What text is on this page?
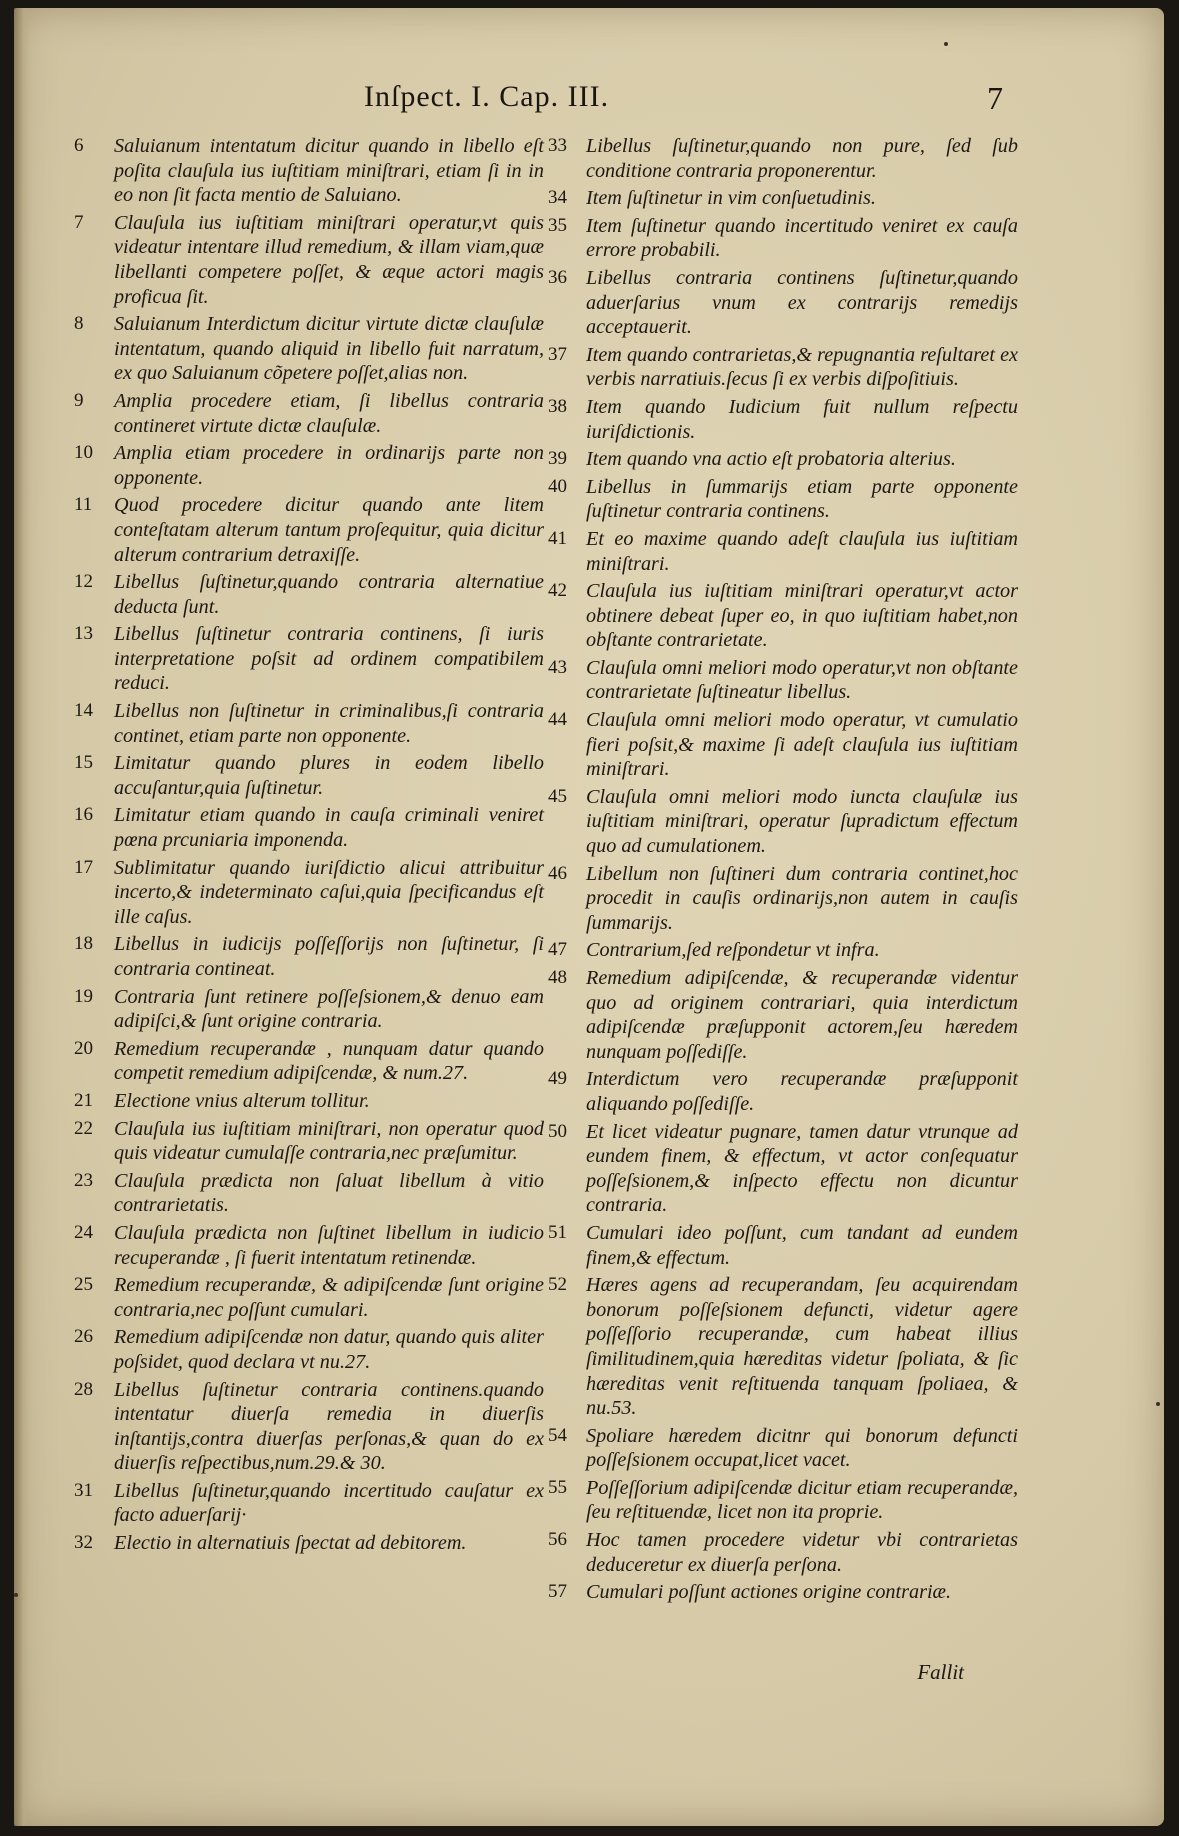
Inſpect. I. Cap. III.	7
6	Saluianum intentatum dicitur quando in libello eſt poſita clauſula ius iuſtitiam miniſtrari, etiam ſi in in eo non ſit facta mentio de Saluiano.
7	Clauſula ius iuſtitiam miniſtrari operatur,vt quis videatur intentare illud remedium, & illam viam,quæ libellanti competere poſſet, & æque actori magis proficua ſit.
8	Saluianum Interdictum dicitur virtute dictæ clauſulæ intentatum, quando aliquid in libello fuit narratum, ex quo Saluianum cõpetere poſſet,alias non.
9	Amplia procedere etiam, ſi libellus contraria contineret virtute dictæ clauſulæ.
10	Amplia etiam procedere in ordinarijs parte non opponente.
11	Quod procedere dicitur quando ante litem conteſtatam alterum tantum proſequitur, quia dicitur alterum contrarium detraxiſſe.
12	Libellus ſuſtinetur,quando contraria alternatiue deducta ſunt.
13	Libellus ſuſtinetur contraria continens, ſi iuris interpretatione poſsit ad ordinem compatibilem reduci.
14	Libellus non ſuſtinetur in criminalibus,ſi contraria continet, etiam parte non opponente.
15	Limitatur quando plures in eodem libello accuſantur,quia ſuſtinetur.
16	Limitatur etiam quando in cauſa criminali veniret pœna prcuniaria imponenda.
17	Sublimitatur quando iuriſdictio alicui attribuitur incerto,& indeterminato caſui,quia ſpecificandus eſt ille caſus.
18	Libellus in iudicijs poſſeſſorijs non ſuſtinetur, ſi contraria contineat.
19	Contraria ſunt retinere poſſeſsionem,& denuo eam adipiſci,& ſunt origine contraria.
20	Remedium recuperandæ , nunquam datur quando competit remedium adipiſcendæ, & num.27.
21	Electione vnius alterum tollitur.
22	Clauſula ius iuſtitiam miniſtrari, non operatur quod quis videatur cumulaſſe contraria,nec præſumitur.
23	Clauſula prædicta non ſaluat libellum à vitio contrarietatis.
24	Clauſula prædicta non ſuſtinet libellum in iudicio recuperandæ , ſi fuerit intentatum retinendæ.
25	Remedium recuperandæ, & adipiſcendæ ſunt origine contraria,nec poſſunt cumulari.
26	Remedium adipiſcendæ non datur, quando quis aliter poſsidet, quod declara vt nu.27.
28	Libellus ſuſtinetur contraria continens.quando intentatur diuerſa remedia in diuerſis inſtantijs,contra diuerſas perſonas,& quan do ex diuerſis reſpectibus,num.29.& 30.
31	Libellus ſuſtinetur,quando incertitudo cauſatur ex facto aduerſarij·
32	Electio in alternatiuis ſpectat ad debitorem.
33 Libellus ſuſtinetur,quando non pure, ſed ſub conditione contraria proponerentur.
34 Item ſuſtinetur in vim conſuetudinis.
35 Item ſuſtinetur quando incertitudo veniret ex cauſa errore probabili.
36 Libellus contraria continens ſuſtinetur,quando aduerſarius vnum ex contrarijs remedijs acceptauerit.
37 Item quando contrarietas,& repugnantia reſultaret ex verbis narratiuis.ſecus ſi ex verbis diſpoſitiuis.
38 Item quando Iudicium fuit nullum reſpectu iuriſdictionis.
39 Item quando vna actio eſt probatoria alterius.
40 Libellus in ſummarijs etiam parte opponente ſuſtinetur contraria continens.
41 Et eo maxime quando adeſt clauſula ius iuſtitiam miniſtrari.
42 Clauſula ius iuſtitiam miniſtrari operatur,vt actor obtinere debeat ſuper eo, in quo iuſtitiam habet,non obſtante contrarietate.
43 Clauſula omni meliori modo operatur,vt non obſtante contrarietate ſuſtineatur libellus.
44 Clauſula omni meliori modo operatur, vt cumulatio fieri poſsit,& maxime ſi adeſt clauſula ius iuſtitiam miniſtrari.
45 Clauſula omni meliori modo iuncta clauſulæ ius iuſtitiam miniſtrari, operatur ſupradictum effectum quo ad cumulationem.
46 Libellum non ſuſtineri dum contraria continet,hoc procedit in cauſis ordinarijs,non autem in cauſis ſummarijs.
47 Contrarium,ſed reſpondetur vt infra.
48 Remedium adipiſcendæ, & recuperandæ videntur quo ad originem contrariari, quia interdictum adipiſcendæ præſupponit actorem,ſeu hæredem nunquam poſſediſſe.
49 Interdictum vero recuperandæ præſupponit aliquando poſſediſſe.
50 Et licet videatur pugnare, tamen datur vtrunque ad eundem finem, & effectum, vt actor conſequatur poſſeſsionem,& inſpecto effectu non dicuntur contraria.
51 Cumulari ideo poſſunt, cum tandant ad eundem finem,& effectum.
52 Hæres agens ad recuperandam, ſeu acquirendam bonorum poſſeſsionem defuncti, videtur agere poſſeſſorio recuperandæ, cum habeat illius ſimilitudinem,quia hæreditas videtur ſpoliata, & ſic hæreditas venit reſtituenda tanquam ſpoliaea, & nu.53.
54 Spoliare hæredem dicitnr qui bonorum defuncti poſſeſsionem occupat,licet vacet.
55 Poſſeſſorium adipiſcendæ dicitur etiam recuperandæ, ſeu reſtituendæ, licet non ita proprie.
56 Hoc tamen procedere videtur vbi contrarietas deduceretur ex diuerſa perſona.
57 Cumulari poſſunt actiones origine contrariæ.
Fallit
